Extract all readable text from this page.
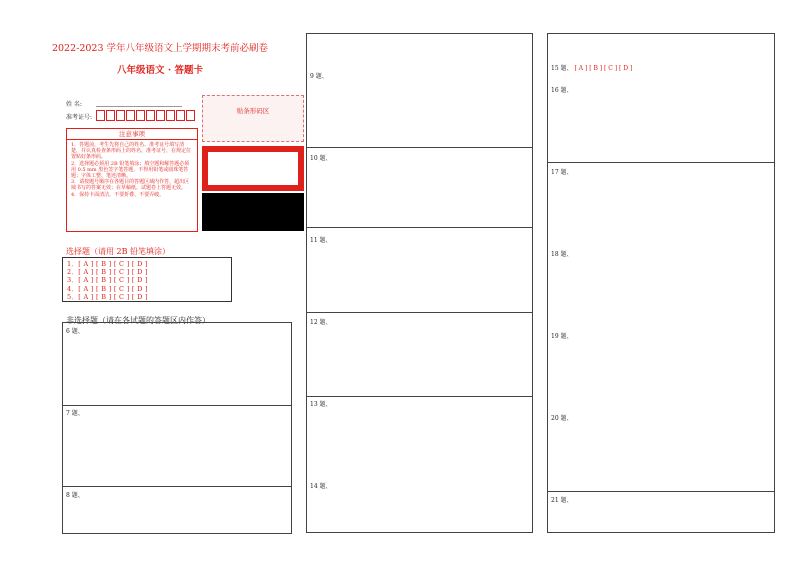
2022-2023 学年八年级语文上学期期末考前必刷卷
八年级语文 · 答题卡
姓 名:
准考证号:
注意事项
1．答题前，考生先将自己的姓名、准考证号填写清楚，并认真检查条形码上的姓名、准考证号，在规定位置贴好条形码。
2．选择题必须用 2B 铅笔填涂；填空题和解答题必须用 0.5 mm 黑色签字笔答题，不得用铅笔或圆珠笔答题；字体工整、笔迹清晰。
3．请按题号顺序在各题目的答题区域内作答，超出区域书写的答案无效；在草稿纸、试题卷上答题无效。
4．保持卡面清洁，不要折叠、不要弄破。
贴条形码区
选择题（请用 2B 铅笔填涂）
1．[ A ] [ B ] [ C ] [ D ]
2．[ A ] [ B ] [ C ] [ D ]
3．[ A ] [ B ] [ C ] [ D ]
4．[ A ] [ B ] [ C ] [ D ]
5．[ A ] [ B ] [ C ] [ D ]
非选择题（请在各试题的答题区内作答）
6 题、
7 题、
8 题、
9 题、
10 题、
11 题、
12 题、
13 题、
14 题、
15 题、 [ A ] [ B ] [ C ] [ D ]
16 题、
17 题、
18 题、
19 题、
20 题、
21 题、
